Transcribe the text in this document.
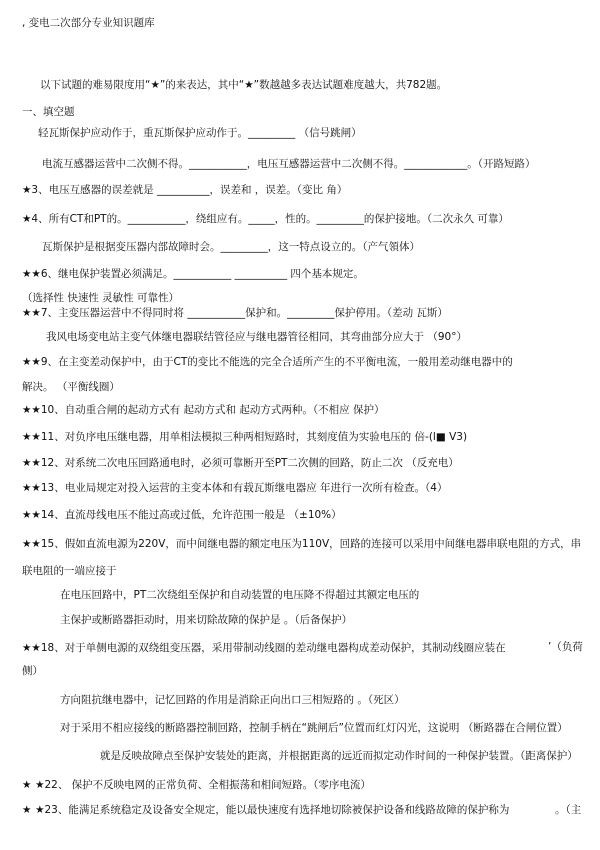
, 变电二次部分专业知识题库
以下试题的难易限度用“★”的来表达，其中“★”数越越多表达试题难度越大，共782题。
一、填空题
轻瓦斯保护应动作于，重瓦斯保护应动作于。_________ （信号跳闸）
电流互感器运营中二次侧不得。___________，电压互感器运营中二次侧不得。____________。（开路短路）
★3、电压互感器的误差就是 __________，误差和 ，误差。（变比 角）
★4、所有CT和PT的。___________，绕组应有。_____，性的。_________的保护接地。（二次永久 可靠）
瓦斯保护是根据变压器内部故障时会。_________，这一特点设立的。（产气領体）
★★6、继电保护装置必须满足。___________ __________ 四个基本规定。
（选择性 快速性 灵敏性 可靠性）
★★7、主变压器运营中不得同时将 ___________保护和。_________保护停用。（差动 瓦斯）
我风电场变电站主变气体继电器联结管径应与继电器管径相同，其弯曲部分应大于 （90°）
★★9、在主变差动保护中，由于CT的变比不能选的完全合适所产生的不平衡电流，一般用差动继电器中的
解决。 （平衡线圈）
★★10、自动重合闸的起动方式有 起动方式和 起动方式两种。（不相应 保护）
★★11、对负序电压继电器，用单相法模拟三种两相短路时，其刻度值为实验电压的 倍-(l■ V3)
★★12、对系统二次电压回路通电时，必须可靠断开至PT二次侧的回路，防止二次 （反充电）
★★13、电业局规定对投入运营的主变本体和有载瓦斯继电器应 年进行一次所有检查。（4）
★★14、直流母线电压不能过高或过低，允许范围一般是 （±10%）
★★15、假如直流电源为220V，而中间继电器的额定电压为110V，回路的连接可以采用中间继电器串联电阻的方式，串
联电阻的一端应接于
在电压回路中，PT二次绕组至保护和自动装置的电压降不得超过其额定电压的
主保护或断路器拒动时，用来切除故障的保护是 。（后备保护）
★★18、对于单侧电源的双绕组变压器，采用带制动线圈的差动继电器构成差动保护，其制动线圈应装在
侧）
方向阻抗继电器中，记忆回路的作用是消除正向出口三相短路的 。（死区）
对于采用不相应接线的断路器控制回路，控制手柄在“跳闸后”位置而红灯闪光，这说明 （断路器在合闸位置）
就是反映故障点至保护安装处的距离，并根据距离的远近而拟定动作时间的一种保护装置。（距离保护）
★ ★22、 保护不反映电网的正常负荷、全相振荡和相间短路。（零序电流）
★ ★23、能满足系统稳定及设备安全规定，能以最快速度有选择地切除被保护设备和线路故障的保护称为
’（负荷
。（主
